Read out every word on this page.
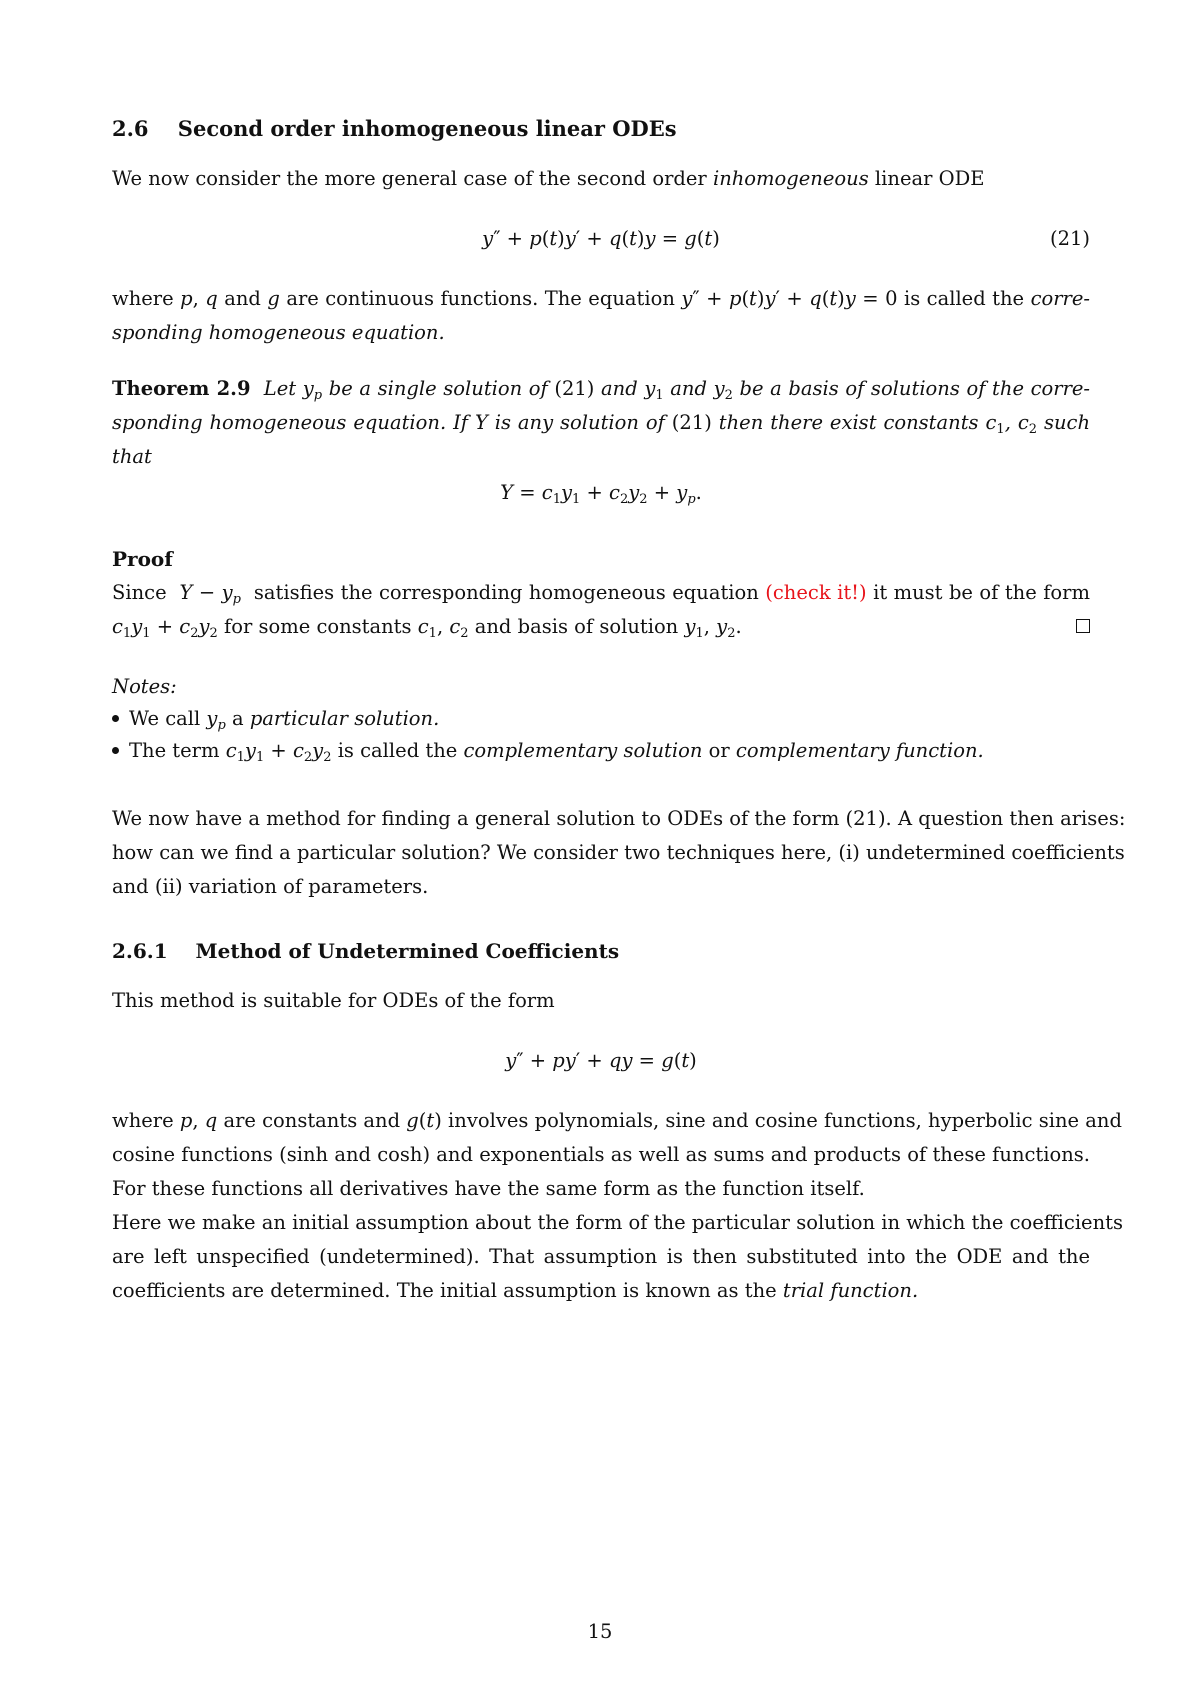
2.6 Second order inhomogeneous linear ODEs
We now consider the more general case of the second order inhomogeneous linear ODE
y″ + p(t)y′ + q(t)y = g(t)	(21)
where p, q and g are continuous functions. The equation y″ + p(t)y′ + q(t)y = 0 is called the corre-
sponding homogeneous equation.
Theorem 2.9 Let $y_p$ be a single solution of (21) and $y_1$ and $y_2$ be a basis of solutions of the corre-
sponding homogeneous equation. If Y is any solution of (21) then there exist constants $c_1$, $c_2$ such
that
$Y = c_1y_1 + c_2y_2 + y_p$.
Proof
Since $Y - y_p$ satisfies the corresponding homogeneous equation (check it!) it must be of the form
$c_1y_1 + c_2y_2$ for some constants $c_1$, $c_2$ and basis of solution $y_1$, $y_2$.
Notes:
We call $y_p$ a particular solution.
The term $c_1y_1 + c_2y_2$ is called the complementary solution or complementary function.
We now have a method for finding a general solution to ODEs of the form (21). A question then arises:
how can we find a particular solution? We consider two techniques here, (i) undetermined coefficients
and (ii) variation of parameters.
2.6.1 Method of Undetermined Coefficients
This method is suitable for ODEs of the form
y″ + py′ + qy = g(t)
where p, q are constants and g(t) involves polynomials, sine and cosine functions, hyperbolic sine and
cosine functions (sinh and cosh) and exponentials as well as sums and products of these functions.
For these functions all derivatives have the same form as the function itself.
Here we make an initial assumption about the form of the particular solution in which the coefficients
are left unspecified (undetermined). That assumption is then substituted into the ODE and the
coefficients are determined. The initial assumption is known as the trial function.
15
